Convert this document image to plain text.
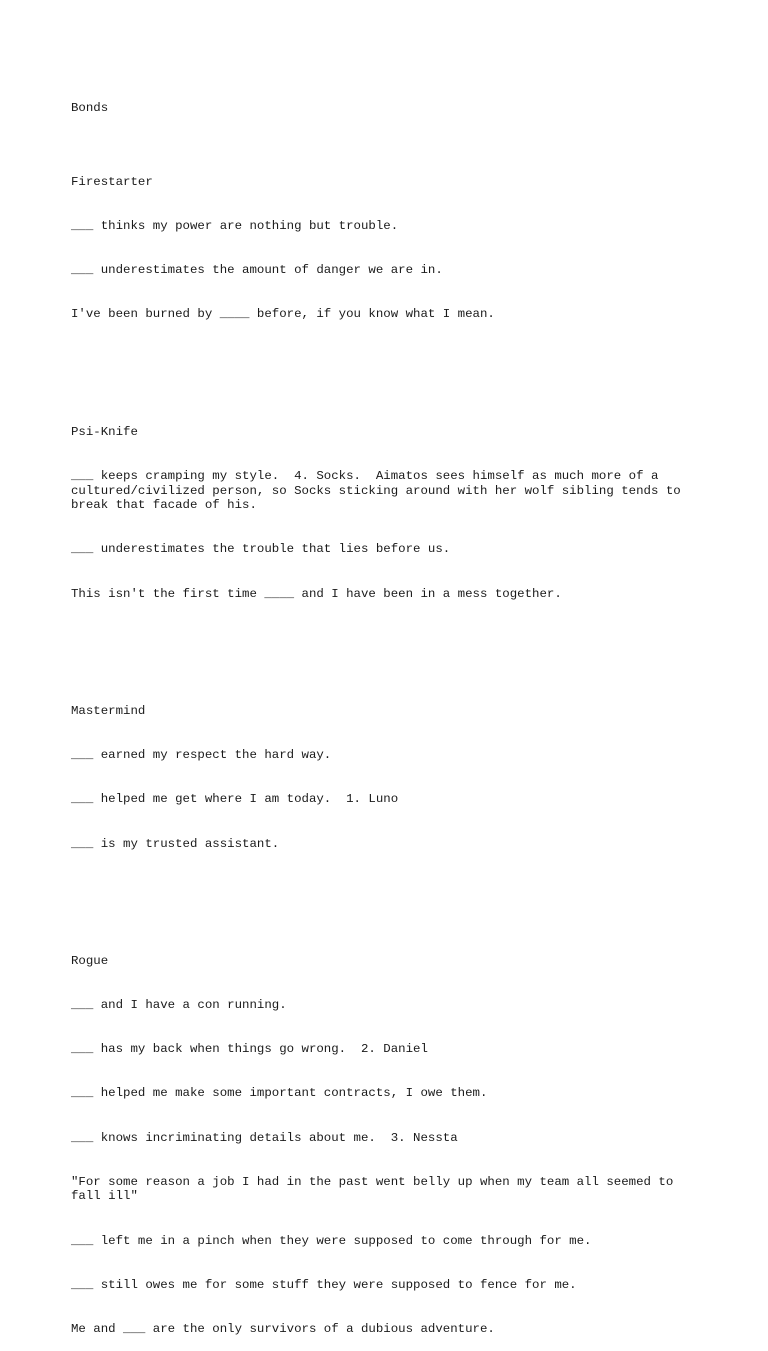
Bonds

Firestarter

___ thinks my power are nothing but trouble.

___ underestimates the amount of danger we are in.

I've been burned by ____ before, if you know what I mean.

Psi-Knife

___ keeps cramping my style.  4. Socks.  Aimatos sees himself as much more of a cultured/civilized person, so Socks sticking around with her wolf sibling tends to break that facade of his.

___ underestimates the trouble that lies before us.

This isn't the first time ____ and I have been in a mess together.

Mastermind

___ earned my respect the hard way.

___ helped me get where I am today.  1. Luno

___ is my trusted assistant.

Rogue

___ and I have a con running.

___ has my back when things go wrong.  2. Daniel

___ helped me make some important contracts, I owe them.

___ knows incriminating details about me.  3. Nessta

"For some reason a job I had in the past went belly up when my team all seemed to fall ill"

___ left me in a pinch when they were supposed to come through for me.

___ still owes me for some stuff they were supposed to fence for me.

Me and ___ are the only survivors of a dubious adventure.
